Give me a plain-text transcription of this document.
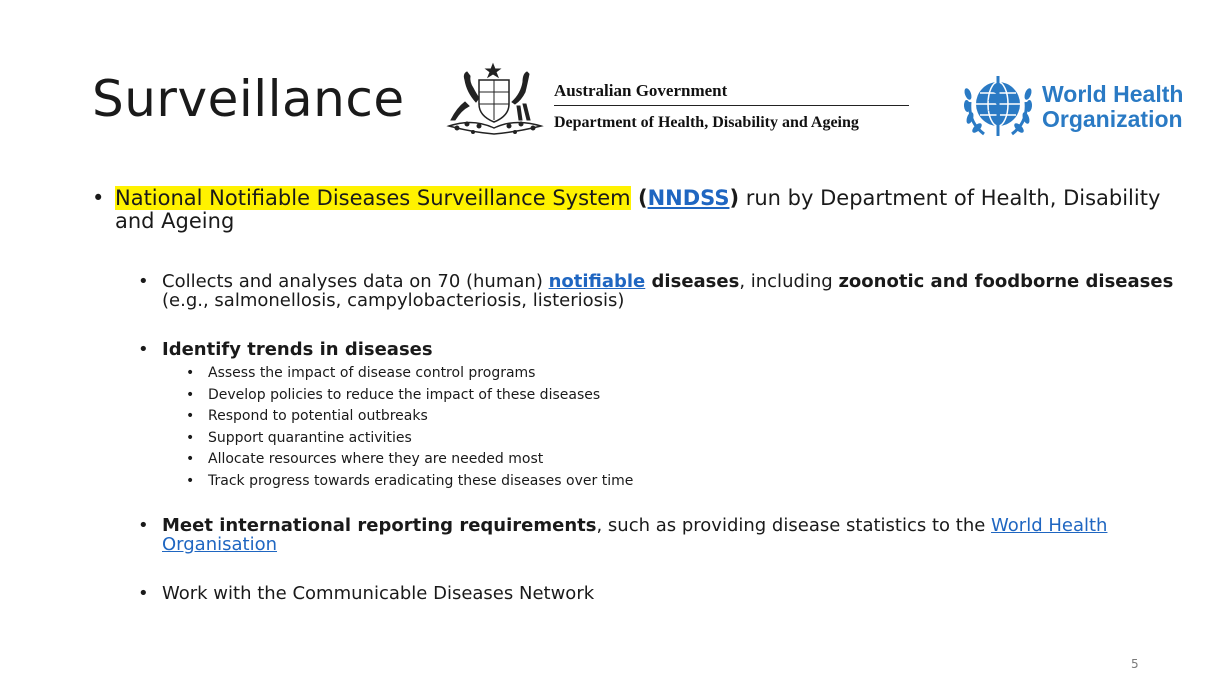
Surveillance	Australian Government
Department of Health, Disability and Ageing
World Health
Organization
• National Notifiable Diseases Surveillance System (NNDSS) run by Department of Health, Disability
and Ageing
• Collects and analyses data on 70 (human) notifiable diseases, including zoonotic and foodborne diseases
(e.g., salmonellosis, campylobacteriosis, listeriosis)
• Identify trends in diseases
• Assess the impact of disease control programs
• Develop policies to reduce the impact of these diseases
• Respond to potential outbreaks
• Support quarantine activities
• Allocate resources where they are needed most
• Track progress towards eradicating these diseases over time
• Meet international reporting requirements, such as providing disease statistics to the World Health
Organisation
• Work with the Communicable Diseases Network
5
